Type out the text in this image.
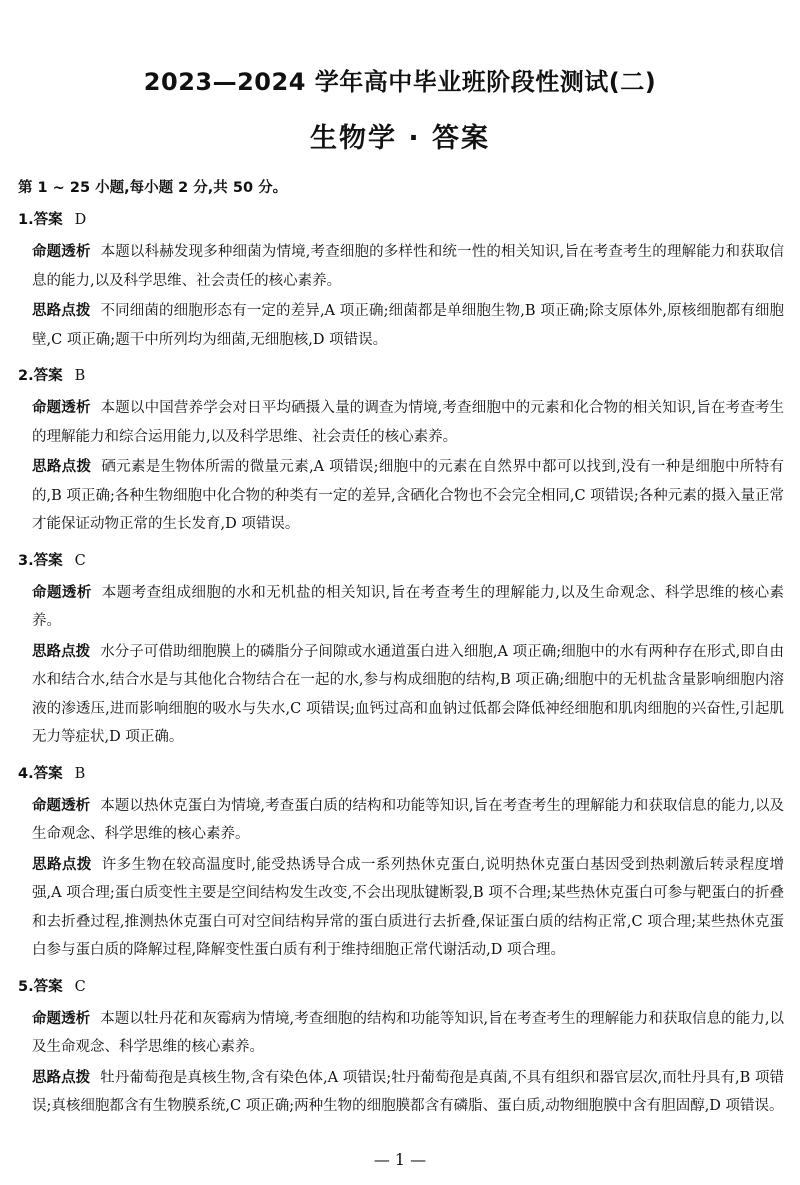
2023—2024 学年高中毕业班阶段性测试(二)
生物学 · 答案
第 1 ~ 25 小题,每小题 2 分,共 50 分。
1.答案 D
命题透析 本题以科赫发现多种细菌为情境,考查细胞的多样性和统一性的相关知识,旨在考查考生的理解能力和获取信息的能力,以及科学思维、社会责任的核心素养。
思路点拨 不同细菌的细胞形态有一定的差异,A 项正确;细菌都是单细胞生物,B 项正确;除支原体外,原核细胞都有细胞壁,C 项正确;题干中所列均为细菌,无细胞核,D 项错误。
2.答案 B
命题透析 本题以中国营养学会对日平均硒摄入量的调查为情境,考查细胞中的元素和化合物的相关知识,旨在考查考生的理解能力和综合运用能力,以及科学思维、社会责任的核心素养。
思路点拨 硒元素是生物体所需的微量元素,A 项错误;细胞中的元素在自然界中都可以找到,没有一种是细胞中所特有的,B 项正确;各种生物细胞中化合物的种类有一定的差异,含硒化合物也不会完全相同,C 项错误;各种元素的摄入量正常才能保证动物正常的生长发育,D 项错误。
3.答案 C
命题透析 本题考查组成细胞的水和无机盐的相关知识,旨在考查考生的理解能力,以及生命观念、科学思维的核心素养。
思路点拨 水分子可借助细胞膜上的磷脂分子间隙或水通道蛋白进入细胞,A 项正确;细胞中的水有两种存在形式,即自由水和结合水,结合水是与其他化合物结合在一起的水,参与构成细胞的结构,B 项正确;细胞中的无机盐含量影响细胞内溶液的渗透压,进而影响细胞的吸水与失水,C 项错误;血钙过高和血钠过低都会降低神经细胞和肌肉细胞的兴奋性,引起肌无力等症状,D 项正确。
4.答案 B
命题透析 本题以热休克蛋白为情境,考查蛋白质的结构和功能等知识,旨在考查考生的理解能力和获取信息的能力,以及生命观念、科学思维的核心素养。
思路点拨 许多生物在较高温度时,能受热诱导合成一系列热休克蛋白,说明热休克蛋白基因受到热刺激后转录程度增强,A 项合理;蛋白质变性主要是空间结构发生改变,不会出现肽键断裂,B 项不合理;某些热休克蛋白可参与靶蛋白的折叠和去折叠过程,推测热休克蛋白可对空间结构异常的蛋白质进行去折叠,保证蛋白质的结构正常,C 项合理;某些热休克蛋白参与蛋白质的降解过程,降解变性蛋白质有利于维持细胞正常代谢活动,D 项合理。
5.答案 C
命题透析 本题以牡丹花和灰霉病为情境,考查细胞的结构和功能等知识,旨在考查考生的理解能力和获取信息的能力,以及生命观念、科学思维的核心素养。
思路点拨 牡丹葡萄孢是真核生物,含有染色体,A 项错误;牡丹葡萄孢是真菌,不具有组织和器官层次,而牡丹具有,B 项错误;真核细胞都含有生物膜系统,C 项正确;两种生物的细胞膜都含有磷脂、蛋白质,动物细胞膜中含有胆固醇,D 项错误。
— 1 —
